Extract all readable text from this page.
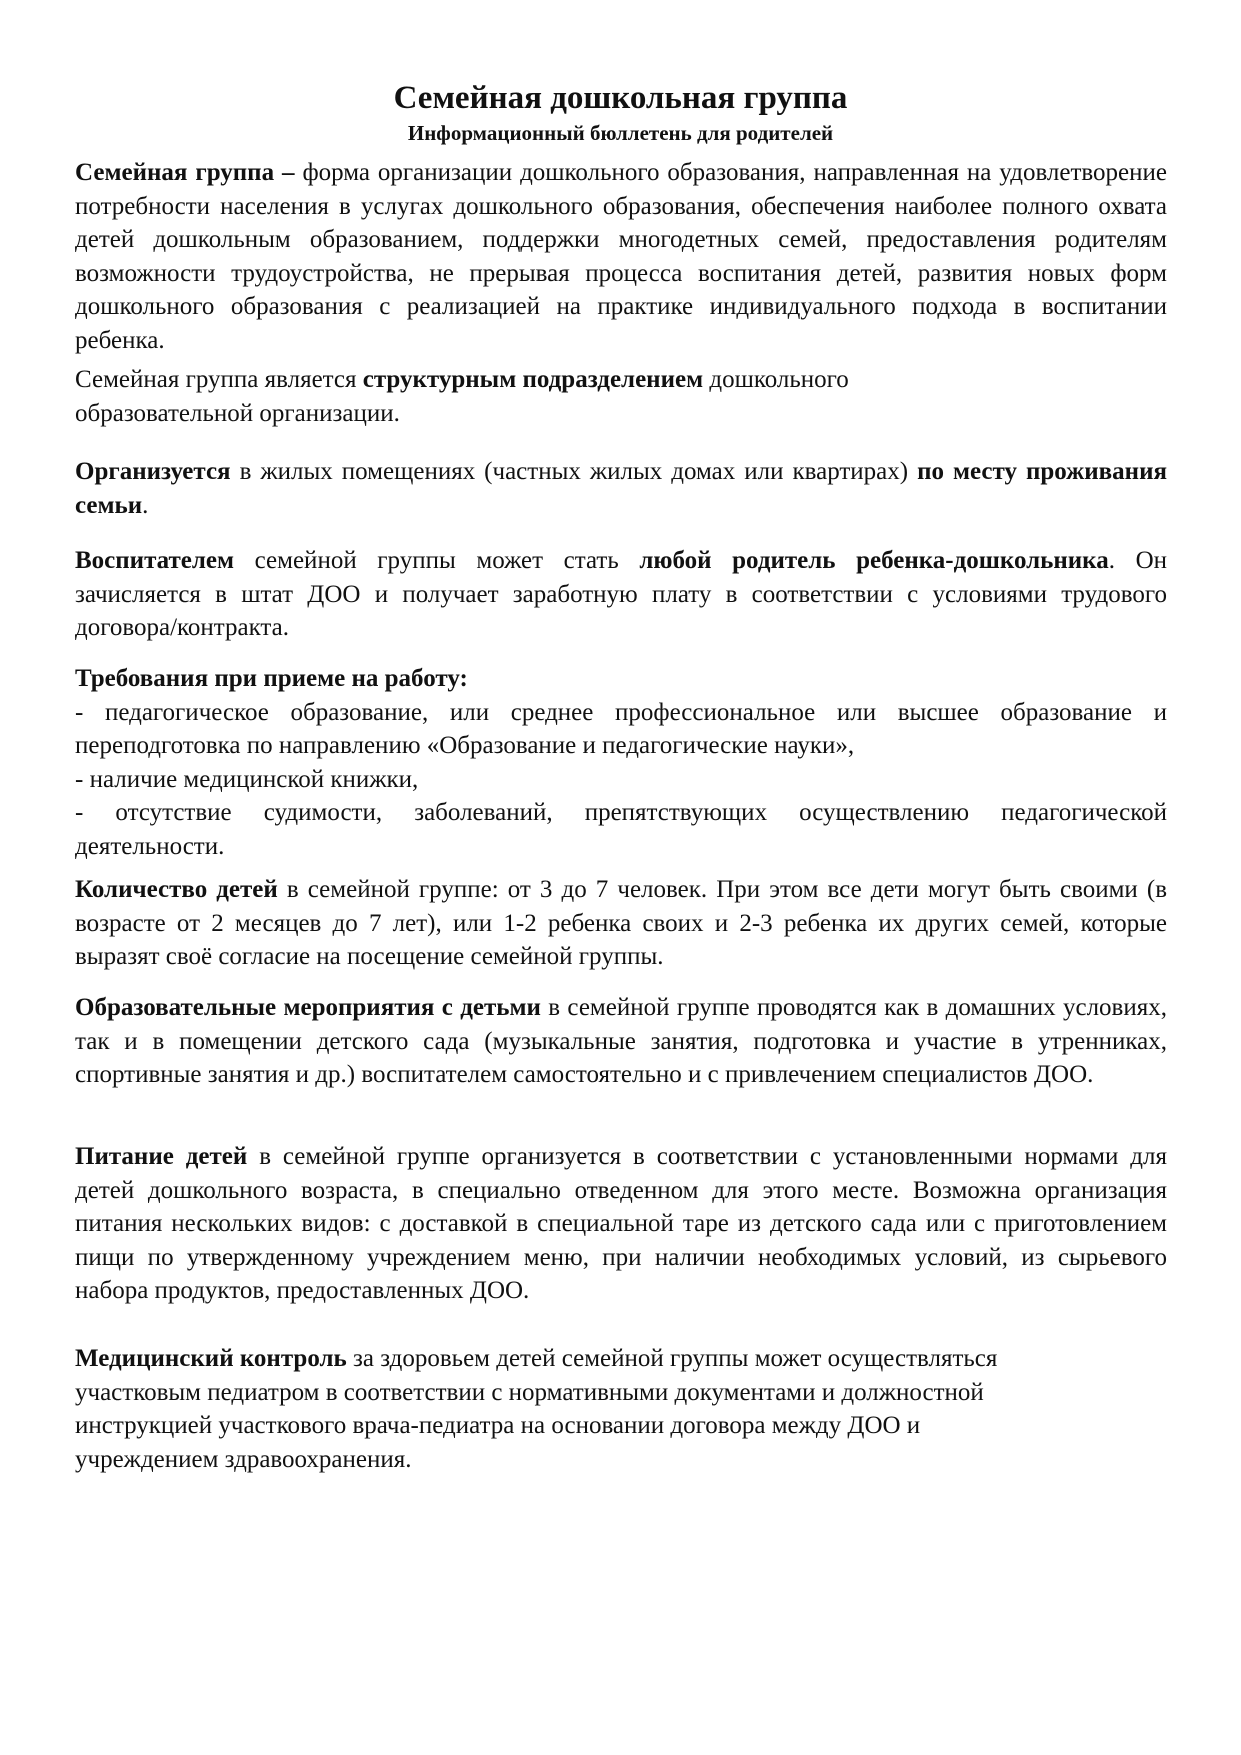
Семейная дошкольная группа
Информационный бюллетень для родителей

Семейная группа – форма организации дошкольного образования, направленная на удовлетворение потребности населения в услугах дошкольного образования, обеспечения наиболее полного охвата детей дошкольным образованием, поддержки многодетных семей, предоставления родителям возможности трудоустройства, не прерывая процесса воспитания детей, развития новых форм дошкольного образования с реализацией на практике индивидуального подхода в воспитании ребенка.

Семейная группа является структурным подразделением дошкольного
образовательной организации.

Организуется в жилых помещениях (частных жилых домах или квартирах) по месту проживания семьи.

Воспитателем семейной группы может стать любой родитель ребенка-дошкольника. Он зачисляется в штат ДОО и получает заработную плату в соответствии с условиями трудового договора/контракта.

Требования при приеме на работу:
- педагогическое образование, или среднее профессиональное или высшее образование и переподготовка по направлению «Образование и педагогические науки»,
- наличие медицинской книжки,
- отсутствие судимости, заболеваний, препятствующих осуществлению педагогической деятельности.

Количество детей в семейной группе: от 3 до 7 человек. При этом все дети могут быть своими (в возрасте от 2 месяцев до 7 лет), или 1-2 ребенка своих и 2-3 ребенка их других семей, которые выразят своё согласие на посещение семейной группы.

Образовательные мероприятия с детьми в семейной группе проводятся как в домашних условиях, так и в помещении детского сада (музыкальные занятия, подготовка и участие в утренниках, спортивные занятия и др.) воспитателем самостоятельно и с привлечением специалистов ДОО.

Питание детей в семейной группе организуется в соответствии с установленными нормами для детей дошкольного возраста, в специально отведенном для этого месте. Возможна организация питания нескольких видов: с доставкой в специальной таре из детского сада или с приготовлением пищи по утвержденному учреждением меню, при наличии необходимых условий, из сырьевого набора продуктов, предоставленных ДОО.

Медицинский контроль за здоровьем детей семейной группы может осуществляться
участковым педиатром в соответствии с нормативными документами и должностной
инструкцией участкового врача-педиатра на основании договора между ДОО и
учреждением здравоохранения.
